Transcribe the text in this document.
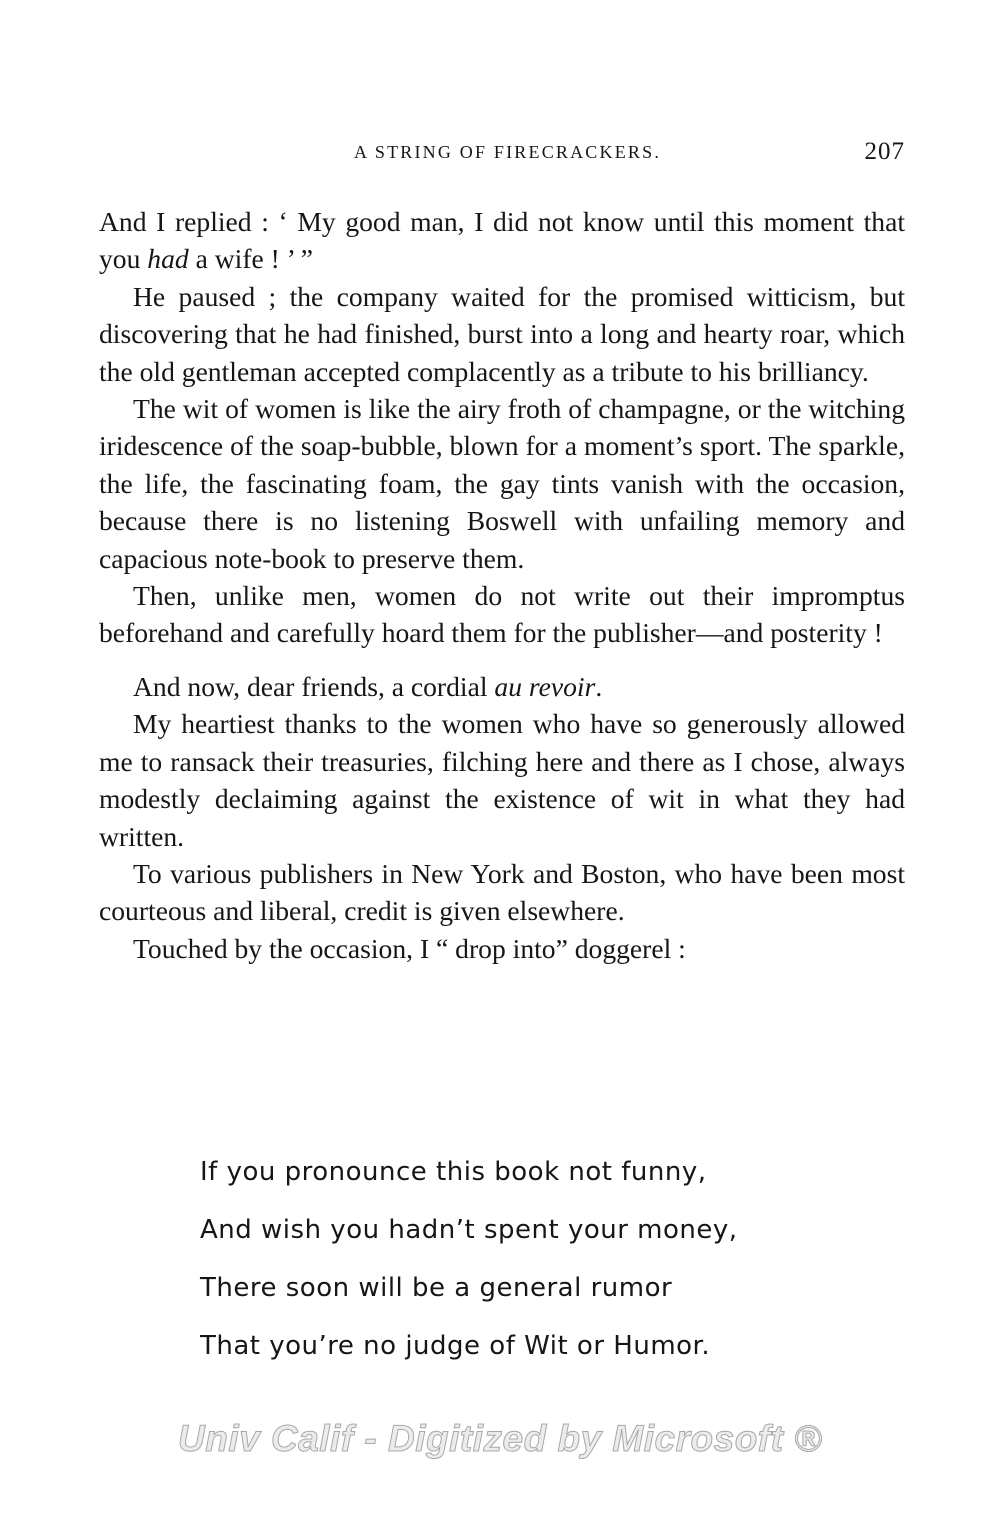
A STRING OF FIRECRACKERS.	207

And I replied : ‘ My good man, I did not know until this moment that you had a wife ! ’ ”

He paused ; the company waited for the promised witticism, but discovering that he had finished, burst into a long and hearty roar, which the old gentleman accepted complacently as a tribute to his brilliancy.

The wit of women is like the airy froth of champagne, or the witching iridescence of the soap-bubble, blown for a moment’s sport. The sparkle, the life, the fascinating foam, the gay tints vanish with the occasion, because there is no listening Boswell with unfailing memory and capacious note-book to preserve them.

Then, unlike men, women do not write out their impromptus beforehand and carefully hoard them for the publisher—and posterity !

And now, dear friends, a cordial au revoir.

My heartiest thanks to the women who have so generously allowed me to ransack their treasuries, filching here and there as I chose, always modestly declaiming against the existence of wit in what they had written.

To various publishers in New York and Boston, who have been most courteous and liberal, credit is given elsewhere.

Touched by the occasion, I “ drop into” doggerel :

If you pronounce this book not funny,
And wish you hadn’t spent your money,
There soon will be a general rumor
That you’re no judge of Wit or Humor.
Univ Calif - Digitized by Microsoft ®
